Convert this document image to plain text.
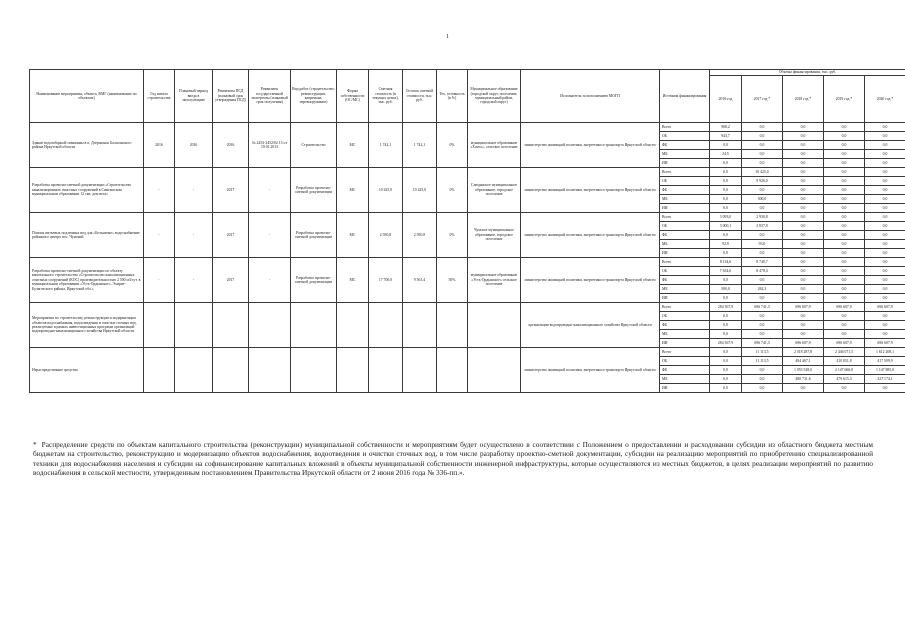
1
Наименование мероприятия, объекта, ВМГ (наименование по объектам)	Год начала строительства	Плановый период ввода в эксплуатацию	Реквизиты ПСД (плановый срок утверждения ПСД)	Реквизиты государственной экспертизы (плановый срок получения)	Вид работ (строительство, реконструкция, капремонт, перевооружение)	Форма собственности (ОС/МС)	Сметная стоимость (в текущих ценах), тыс. руб.	Остаток сметной стоимости, тыс. руб.	Тех. готовность (в %)	Муниципальное образование (городской округ, поселение, муниципальный район, городской округ)	Исполнитель за исполнением МОГП	Источник финансирования	Объемы финансирования, тыс. руб.				
													2016 год	2017 год *	2018 год *	2019 год *	2020 год *
Здание водозаборной скважины в п. Дзержинск Балаганского района Иркутской области	2016	2016	2016	№ 2453-2452/02 13 от 19.01.2013	Строительство	МС	1 742,1	1 742,1	0%	муниципальное образование «Хатоо», сельское поселение	министерство жилищной политики, энергетики и транспорта Иркутской области	Всего	968,2	0,0	0,0	0,0	0,0
												ОБ	943,7	0,0	0,0	0,0	0,0
												ФБ	0,0	0,0	0,0	0,0	0,0
												МБ	24,5	0,0	0,0	0,0	0,0
												ИИ	0,0	0,0	0,0	0,0	0,0
Разработка проектно-сметной документации «Строительство канализационных очистных сооружений в Сингашском муниципальном образовании 12 скв. дом вега»	-	-	2017	-	Разработка проектно-сметной документации	МС	10 425,0	10 425,0	0%	Слюдянское муниципальное образование, городское поселение	министерство жилищной политики, энергетики и транспорта Иркутской области	Всего	0,0	10 425,0	0,0	0,0	0,0
												ОБ	0,0	9 926,0	0,0	0,0	0,0
												ФБ	0,0	0,0	0,0	0,0	0,0
												МБ	0,0	500,0	0,0	0,0	0,0
												ИИ	0,0	0,0	0,0	0,0	0,0
Поиски питьевых подземных вод для «Бельничье» водоснабжение районного центра пос. Чунский	-	-	2017	-	Разработка проектно-сметной документации	МС	2 930,8	2 930,8	0%	Чунское муниципальное образование, городское поселение	министерство жилищной политики, энергетики и транспорта Иркутской области	Всего	3 093,0	2 930,8	0,0	0,0	0,0
												ОБ	3 000,1	2 837,8	0,0	0,0	0,0
												ФБ	0,0	0,0	0,0	0,0	0,0
												МБ	92,9	93,0	0,0	0,0	0,0
												ИИ	0,0	0,0	0,0	0,0	0,0
Разработка проектно-сметной документации по объекту капитального строительства «Строительство канализационных очистных сооружений (КОС) производительностью 2 500 м3/сут. в муниципальном образовании «Усть-Ордынское», Эхирит-Булагатского района, Иркутской обл.»	-	-	2017	-	Разработка проектно-сметной документации	МС	17 700,0	9 561,4	50%	муниципальное образование «Усть-Ордынское» сельское поселение	министерство жилищной политики, энергетики и транспорта Иркутской области	Всего	8 134,6	8 740,7	0,0	0,0	0,0
												ОБ	7 634,6	8 478,4	0,0	0,0	0,0
												ФБ	0,0	0,0	0,0	0,0	0,0
												МБ	500,0	262,3	0,0	0,0	0,0
												ИИ	0,0	0,0	0,0	0,0	0,0
Мероприятия по строительству, реконструкции и модернизации объектов водоснабжения, водоотведения и очистки сточных вод, реализуемые в рамках инвестиционных программ организаций водопроводно-канализационного хозяйства Иркутской области											организации водопроводно-канализационного хозяйства Иркутской области	Всего	284 367,9	696 741,3	696 607,9	696 607,9	696 607,9
												ОБ	0,0	0,0	0,0	0,0	0,0
												ФБ	0,0	0,0	0,0	0,0	0,0
												МБ	0,0	0,0	0,0	0,0	0,0
												ИИ	284 367,9	696 741,3	696 607,9	696 607,9	696 607,9
Нераспределенные средства											министерство жилищной политики, энергетики и транспорта Иркутской области	Всего	0,0	11 113,5	2 018 287,8	2 446 071,5	1 612 208,1
												ОБ	0,0	11 113,5	484 467,1	410 051,8	417 509,9
												ФБ	0,0	0,0	1 053 528,0	2 147 666,0	1 147 885,0
												МБ	0,0	0,0	480 731,6	479 615,3	327 174,1
												ИИ	0,0	0,0	0,0	0,0	0,0
* Распределение средств по объектам капитального строительства (реконструкции) муниципальной собственности и мероприятиям будет осуществлено в соответствии с Положением о предоставлении и расходовании субсидии из областного бюджета местным бюджетам на строительство, реконструкцию и модернизацию объектов водоснабжения, водоотведения и очистки сточных вод, в том числе разработку проектно-сметной документации, субсидии на реализацию мероприятий по приобретению специализированной техники для водоснабжения населения и субсидии на софинансирование капитальных вложений в объекты муниципальной собственности инженерной инфраструктуры, которые осуществляются из местных бюджетов, в целях реализации мероприятий по развитию водоснабжения в сельской местности, утвержденным постановлением Правительства Иркутской области от 2 июня 2016 года № 336-пп.».
